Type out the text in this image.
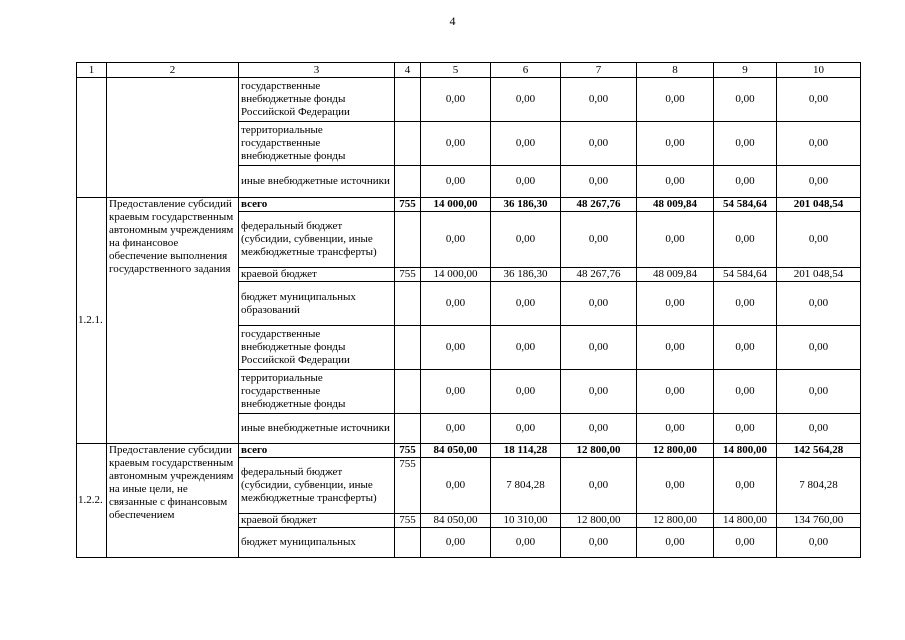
4
1	2	3	4	5	6	7	8	9	10
		государственные внебюджетные фонды Российской Федерации		0,00	0,00	0,00	0,00	0,00	0,00
		территориальные государственные внебюджетные фонды		0,00	0,00	0,00	0,00	0,00	0,00
		иные внебюджетные источники		0,00	0,00	0,00	0,00	0,00	0,00
1.2.1.	Предоставление субсидий краевым государственным автономным учреждениям на финансовое обеспечение выполнения государственного задания	всего	755	14 000,00	36 186,30	48 267,76	48 009,84	54 584,64	201 048,54
		федеральный бюджет (субсидии, субвенции, иные межбюджетные трансферты)		0,00	0,00	0,00	0,00	0,00	0,00
		краевой бюджет	755	14 000,00	36 186,30	48 267,76	48 009,84	54 584,64	201 048,54
		бюджет муниципальных образований		0,00	0,00	0,00	0,00	0,00	0,00
		государственные внебюджетные фонды Российской Федерации		0,00	0,00	0,00	0,00	0,00	0,00
		территориальные государственные внебюджетные фонды		0,00	0,00	0,00	0,00	0,00	0,00
		иные внебюджетные источники		0,00	0,00	0,00	0,00	0,00	0,00
1.2.2.	Предоставление субсидии краевым государственным автономным учреждениям на иные цели, не связанные с финансовым обеспечением	всего	755	84 050,00	18 114,28	12 800,00	12 800,00	14 800,00	142 564,28
		федеральный бюджет (субсидии, субвенции, иные межбюджетные трансферты)	755	0,00	7 804,28	0,00	0,00	0,00	7 804,28
		краевой бюджет	755	84 050,00	10 310,00	12 800,00	12 800,00	14 800,00	134 760,00
		бюджет муниципальных		0,00	0,00	0,00	0,00	0,00	0,00
